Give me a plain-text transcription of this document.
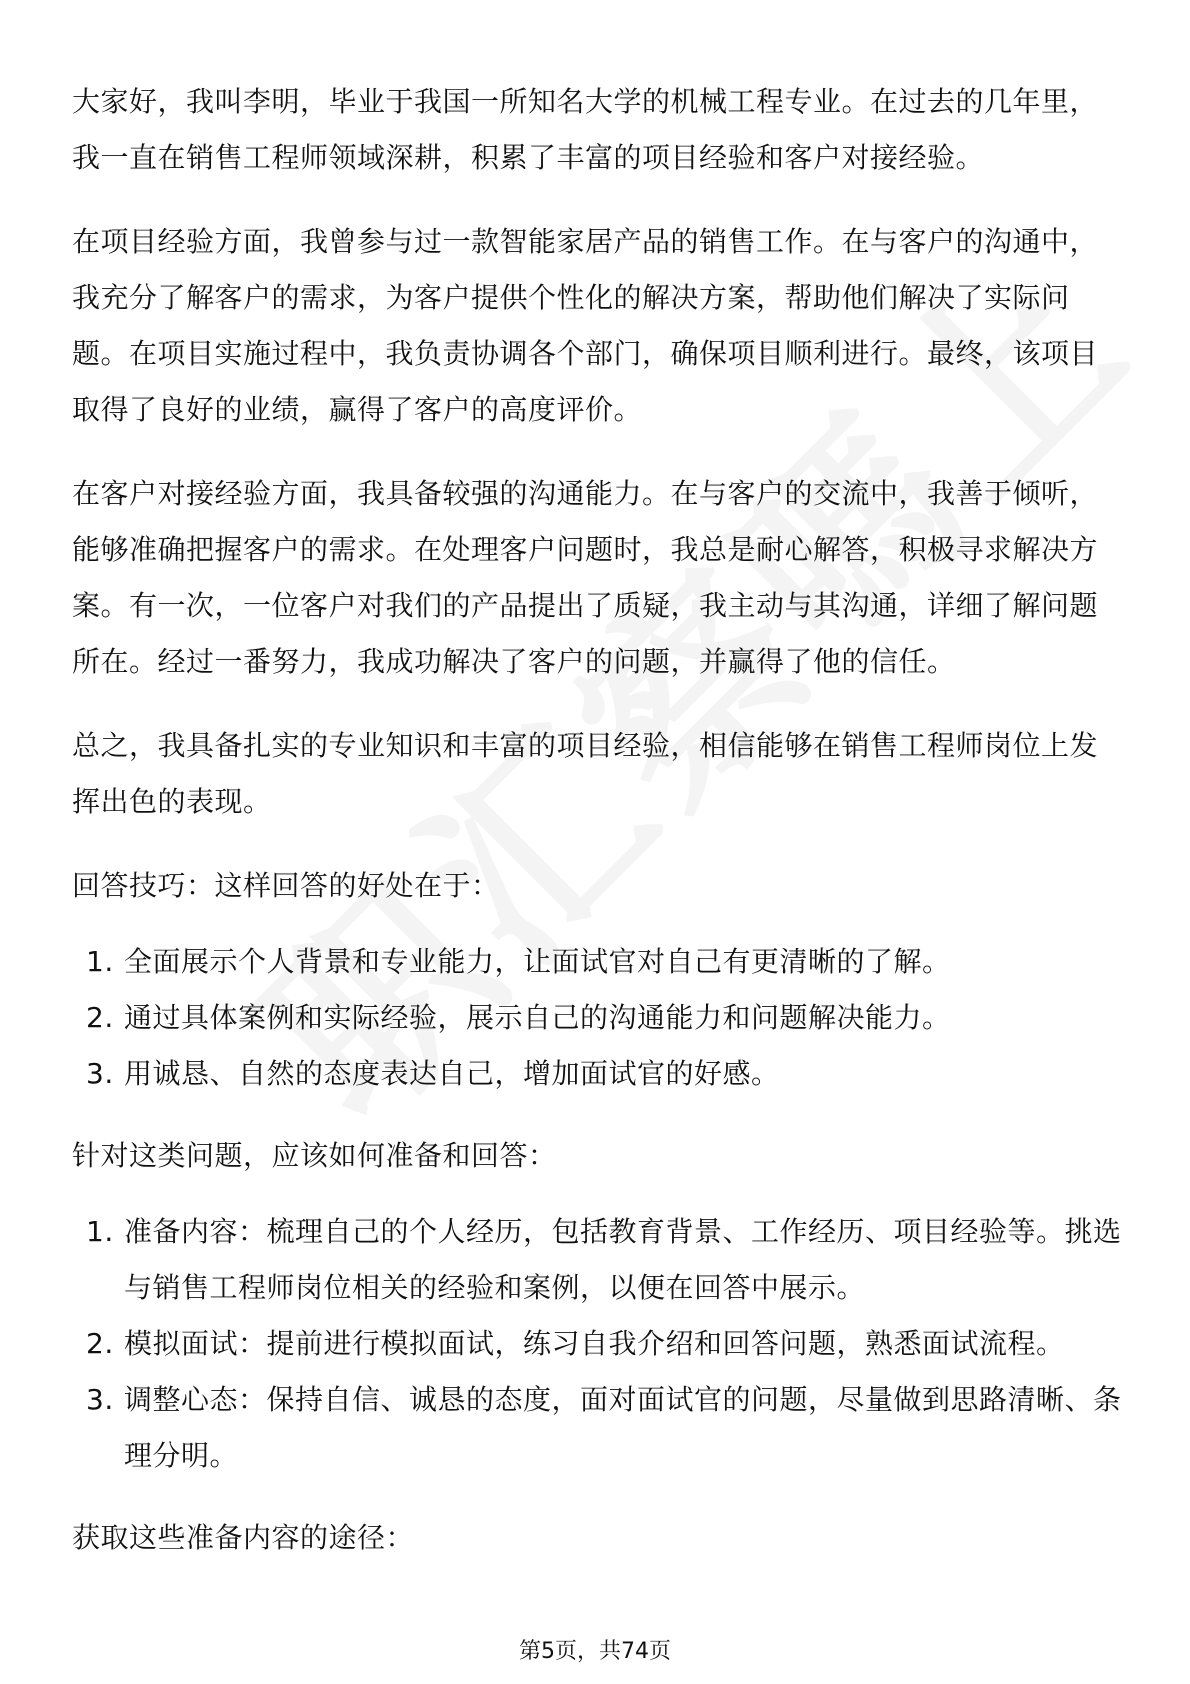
大家好，我叫李明，毕业于我国一所知名大学的机械工程专业。在过去的几年里，我一直在销售工程师领域深耕，积累了丰富的项目经验和客户对接经验。

在项目经验方面，我曾参与过一款智能家居产品的销售工作。在与客户的沟通中，我充分了解客户的需求，为客户提供个性化的解决方案，帮助他们解决了实际问题。在项目实施过程中，我负责协调各个部门，确保项目顺利进行。最终，该项目取得了良好的业绩，赢得了客户的高度评价。

在客户对接经验方面，我具备较强的沟通能力。在与客户的交流中，我善于倾听，能够准确把握客户的需求。在处理客户问题时，我总是耐心解答，积极寻求解决方案。有一次，一位客户对我们的产品提出了质疑，我主动与其沟通，详细了解问题所在。经过一番努力，我成功解决了客户的问题，并赢得了他的信任。

总之，我具备扎实的专业知识和丰富的项目经验，相信能够在销售工程师岗位上发挥出色的表现。

回答技巧：这样回答的好处在于：

1. 全面展示个人背景和专业能力，让面试官对自己有更清晰的了解。
2. 通过具体案例和实际经验，展示自己的沟通能力和问题解决能力。
3. 用诚恳、自然的态度表达自己，增加面试官的好感。

针对这类问题，应该如何准备和回答：

1. 准备内容：梳理自己的个人经历，包括教育背景、工作经历、项目经验等。挑选与销售工程师岗位相关的经验和案例，以便在回答中展示。
2. 模拟面试：提前进行模拟面试，练习自我介绍和回答问题，熟悉面试流程。
3. 调整心态：保持自信、诚恳的态度，面对面试官的问题，尽量做到思路清晰、条理分明。

获取这些准备内容的途径：

第5页，共74页
